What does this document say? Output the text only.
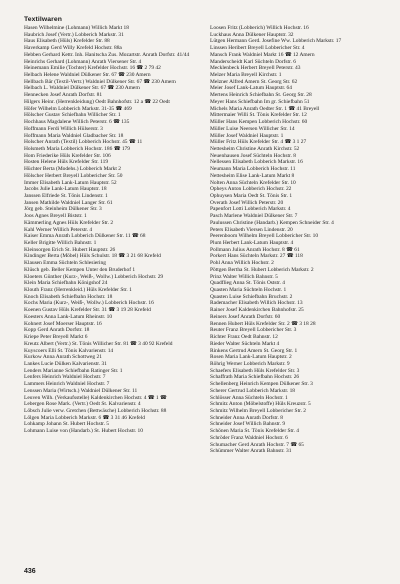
Textilwaren
Hasen Wilhelmine (Lohmann) Willich Markt 18
Haubrich Josef (Vertr.) Lobberich Markstr. 31
Haus Elisabeth (Hüls) Krefelder Str. 88
Haverkamp Gerd Willy Krefeld Hochstr. 88a
Hebben Gerhard Kettr. Inh. Hanitscha Zus. Mozartstr. Anrath Dorfstr. 41/44
Heinrichs Gerhard (Lohmann) Anrath Viersener Str. 4
Heinemann Emilie (Tochter) Krefelder Hochstr. 16 ☎ 2 79 42
Helbach Helene Waldniel Dülkener Str. 67 ☎ 230 Amern
Hellbach Bär (Textil-Vertr.) Waldniel Dülkener Str. 67 ☎ 230 Amern
Helbach L. Waldniel Dülkener Str. 67 ☎ 230 Amern
Hennecken Josef Anrath Dorfstr. 81
Hilgers Heinr. (Herrenkleidung) Oedt Bahnhofstr. 12 a ☎ 22 Oedt
Höfer Wilhelm Lobberich Markstr. 31-35 ☎ 469
Hölscher Gustav Schiefbahn Willicher Str. 1
Hochhaus Magdalene Willich Peterstr. 6 ☎ 135
Hoffmann Ferdi Willich Hülserstr. 3
Hoffmann Maria Waldniel Gladbacher Str. 18
Holscher Anrath (Textil) Lobberich Hochstr. 45 ☎ 11
Holsmeth Maria Lobberich Hochstr. 186 ☎ 179
Hom Friederike Hüls Krefelder Str. 106
Hosten Helene Hüls Krefelder Str. 119
Hüchter Berta (Modehs.) Lobberich Markt 2
Hölscher Herbert Breyell Lobbericher Str. 50
Immer Elisabeth Lank-Latum Hauptstr. 52
Jacobs Julie Lank-Latum Hauptstr. 18
Janssen Elfriede St. Tönis Lindenstr. 1
Jansen Mathilde Waldniel Langer Str. 61
Jörg geb. Steinheim Dülkener Str. 3
Joos Agnes Breyell Biststr. 1
Kämmerling Agnes Hüls Krefelder Str. 2
Kahl Werner Willich Peterstr. 4
Kaiser Emma Anrath Lobberich Dülkener Str. 11 ☎ 68
Keller Brigitte Willich Bahnstr. 1
Kleinsorgen Erich St. Hubert Hauptstr. 26
Kindinger Berta (Möbel) Hüls Schulstr. 18 ☎ 3 21 68 Krefeld
Klausen Emma Süchteln Schlesiering
Klüsch geb. Beller Kempen Unter den Bruderhof 1
Kloeters Günther (Kurz-, Weiß-, Wollw.) Lobberich Hochstr. 29
Klein Maria Schiefbahn Königshof 24
Klouth Franz (Herrenkleid.) Hüls Krefelder Str. 1
Knoch Elisabeth Schiefbahn Hochstr. 18
Kochs Maria (Kurz-, Weiß-, Wollw.) Lobberich Hochstr. 16
Koenen Gustav Hüls Krefelder Str. 31 ☎ 3 19 28 Krefeld
Koesters Anna Lank-Latum Rheinstr. 10
Kohnert Josef Moerser Hauptstr. 16
Kopp Gerd Anrath Dorfstr. 18
Kriepe Peter Breyell Markt 6
Kreutz Albert (Vertr.) St. Tönis Willicher Str. 81 ☎ 3 40 92 Krefeld
Kuyscoers Elli St. Tönis Kalvarienstr. 14
Kurkow Anna Anrath Schottweg 21
Lankes Lucie Dülken Kalvarienstr. 31
Lenders Marianne Schiefbahn Ratinger Str. 1
Lenfers Heinrich Waldniel Hochstr. 7
Lammers Heinrich Waldniel Hochstr. 7
Lenssen Maria (Wirtsch.) Waldniel Dülkener Str. 11
Leuven Wilh. (Verkaufsstelle) Kaldenkirchen Hochstr. 4 ☎ 1 ☎
Lebergen Rose Mark. (Vertr.) Oedt St. Kalvarienstr. 4
Löbsch Julie verw. Gretchen (Bettwäsche) Lobberich Hochstr. 88
Lölgen Maria Lobberich Markstr. 6 ☎ 3 31 46 Krefeld
Lohkamp Johann St. Hubert Hochstr. 5
Lohmann Luise von (Handarb.) St. Hubert Hochstr. 10
Loosen Fritz (Lobberich) Willich Hochstr. 16
Luckhaus Anna Dülkener Hauptstr. 32
Lütgen Hermann Gerd. Josefine Ww. Lobberich Markstr. 17
Linssen Heribert Breyell Lobbericher Str. 4
Mansch Frank Waldniel Markt 16 ☎ 12 Amern
Manderscheidt Karl Süchteln Dorfstr. 6
Mecklenbeck Herbert Breyell Peterstr. 43
Melzer Maria Breyell Kirchstr. 1
Melzner Alfred Amern St. Georg Str. 62
Meier Josef Lank-Latum Hauptstr. 64
Mertens Heinrich Schiefbahn St. Georg Str. 28
Meyer Hans Schiefbahn Im gr. Schiefbahn 51
Michels Maria Anrath Oedter Str. 1 ☎ 41 Breyell
Mittermaier Willi St. Tönis Krefelder Str. 12
Müller Hans Kempen Lobberich Hochstr. 60
Müller Luise Neersen Willicher Str. 14
Müller Josef Waldniel Hauptstr. 1
Müller Fritz Hüls Krefelder Str. 4 ☎ 3 1 27
Nettesheim Christine Anrath Kirchstr. 52
Neuenhausen Josef Süchteln Hochstr. 8
Nellessen Elisabeth Lobberich Markstr. 16
Neumann Maria Lobberich Hochstr. 11
Nettesheim Elise Lank-Latum Markt 8
Nolten Anna Süchteln Krefelder Str. 10
Opheys Anton Lobberich Hochstr. 22
Ophuysen Maria Oedt St. Tönis Str. 1
Overath Josef Willich Peterstr. 20
Papenfort Lotti Lobberich Markstr. 4
Pasch Marlene Waldniel Dülkener Str. 7
Paulussen Christine (Handarb.) Kempen Schneider Str. 4
Peters Elisabeth Viersen Lindenstr. 20
Peerenboom Wilhelm Breyell Lobbericher Str. 10
Plum Herbert Lank-Latum Hauptstr. 4
Pollmann Julius Anrath Hochstr. 8 ☎ 61
Porkert Hans Süchteln Markstr. 27 ☎ 118
Pohl Anna Willich Hochstr. 2
Pöttgen Bertha St. Hubert Lobberich Markstr. 2
Prinz Walter Willich Bahnstr. 5
Quadflieg Anna St. Tönis Oststr. 4
Quasten Maria Süchteln Hochstr. 1
Quasten Luise Schiefbahn Bruchstr. 2
Rademacher Elisabeth Willich Hochstr. 13
Rainer Josef Kaldenkirchen Bahnhofstr. 25
Reiners Josef Anrath Dorfstr. 60
Rennen Hubert Hüls Krefelder Str. 2 ☎ 3 18 28
Reuter Franz Breyell Lobbericher Str. 3
Richter Franz Oedt Bahnstr. 12
Rieder Walter Süchteln Markt 4
Rinkens Gertrud Amern St. Georg Str. 1
Rosen Maria Lank-Latum Hauptstr. 2
Röhrig Werner Lobberich Markstr. 9
Schaefers Elisabeth Hüls Krefelder Str. 3
Schaffrath Maria Schiefbahn Hochstr. 26
Schellenberg Heinrich Kempen Dülkener Str. 3
Scherer Gertrud Lobberich Markstr. 18
Schlösser Anna Süchteln Hochstr. 1
Schmitz Anton (Möbelstoffe) Hüls Kreuzstr. 5
Schmitz Wilhelm Breyell Lobbericher Str. 2
Schneider Anna Anrath Dorfstr. 8
Schneider Josef Willich Bahnstr. 9
Schönen Maria St. Tönis Krefelder Str. 4
Schröder Franz Waldniel Hochstr. 6
Schumacher Gerd Anrath Hochstr. 7 ☎ 65
Schümmer Walter Anrath Bahnstr. 31
436
